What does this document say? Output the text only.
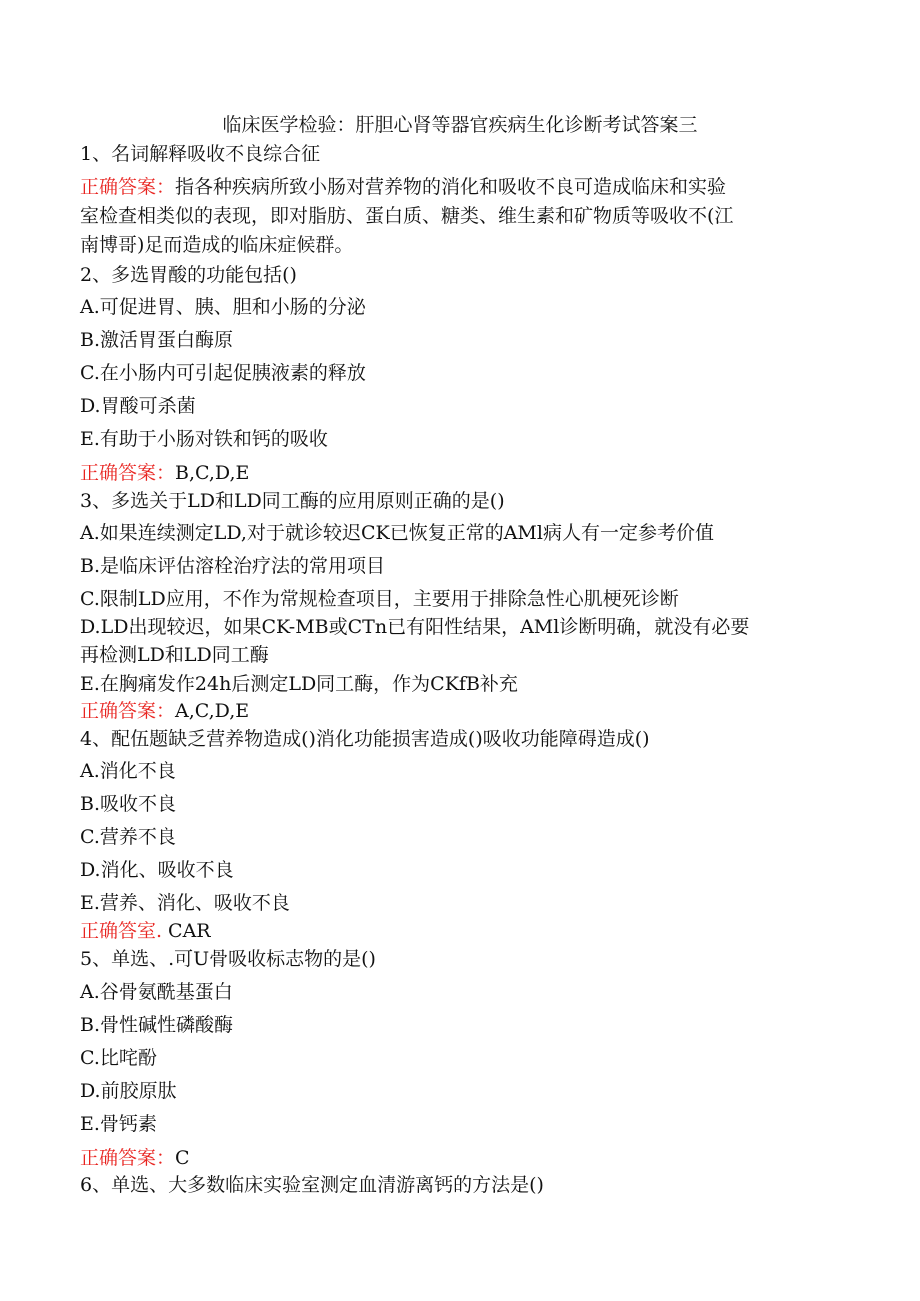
临床医学检验：肝胆心肾等器官疾病生化诊断考试答案三
1、名词解释吸收不良综合征
正确答案：指各种疾病所致小肠对营养物的消化和吸收不良可造成临床和实验
室检查相类似的表现，即对脂肪、蛋白质、糖类、维生素和矿物质等吸收不(江
南博哥)足而造成的临床症候群。
2、多选胃酸的功能包括()
A.可促进胃、胰、胆和小肠的分泌
B.激活胃蛋白酶原
C.在小肠内可引起促胰液素的释放
D.胃酸可杀菌
E.有助于小肠对铁和钙的吸收
正确答案：B,C,D,E
3、多选关于LD和LD同工酶的应用原则正确的是()
A.如果连续测定LD,对于就诊较迟CK已恢复正常的AMl病人有一定参考价值
B.是临床评估溶栓治疗法的常用项目
C.限制LD应用，不作为常规检查项目，主要用于排除急性心肌梗死诊断
D.LD出现较迟，如果CK-MB或CTn已有阳性结果，AMl诊断明确，就没有必要
再检测LD和LD同工酶
E.在胸痛发作24h后测定LD同工酶，作为CKfB补充
正确答案：A,C,D,E
4、配伍题缺乏营养物造成()消化功能损害造成()吸收功能障碍造成()
A.消化不良
B.吸收不良
C.营养不良
D.消化、吸收不良
E.营养、消化、吸收不良
正确答室. CAR
5、单选、.可U骨吸收标志物的是()
A.谷骨氨酰基蛋白
B.骨性碱性磷酸酶
C.比咤酚
D.前胶原肽
E.骨钙素
正确答案：C
6、单选、大多数临床实验室测定血清游离钙的方法是()
